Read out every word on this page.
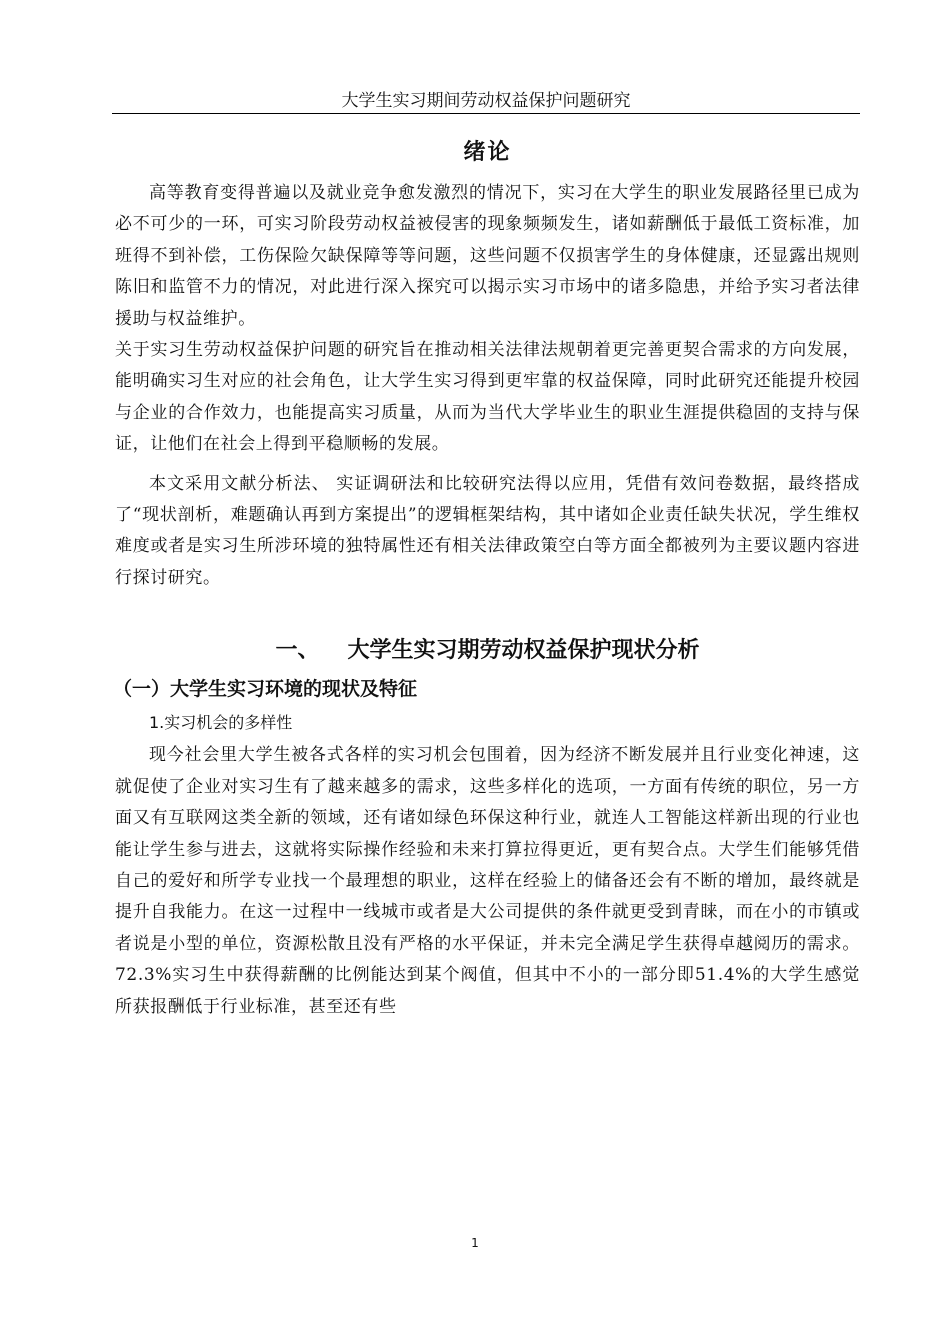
大学生实习期间劳动权益保护问题研究
绪论

高等教育变得普遍以及就业竞争愈发激烈的情况下，实习在大学生的职业发展路径里已成为必不可少的一环，可实习阶段劳动权益被侵害的现象频频发生，诸如薪酬低于最低工资标准，加班得不到补偿，工伤保险欠缺保障等等问题，这些问题不仅损害学生的身体健康，还显露出规则陈旧和监管不力的情况，对此进行深入探究可以揭示实习市场中的诸多隐患，并给予实习者法律援助与权益维护。

关于实习生劳动权益保护问题的研究旨在推动相关法律法规朝着更完善更契合需求的方向发展，能明确实习生对应的社会角色，让大学生实习得到更牢靠的权益保障，同时此研究还能提升校园与企业的合作效力，也能提高实习质量，从而为当代大学毕业生的职业生涯提供稳固的支持与保证，让他们在社会上得到平稳顺畅的发展。

本文采用文献分析法、 实证调研法和比较研究法得以应用，凭借有效问卷数据，最终搭成了“现状剖析，难题确认再到方案提出”的逻辑框架结构，其中诸如企业责任缺失状况，学生维权难度或者是实习生所涉环境的独特属性还有相关法律政策空白等方面全都被列为主要议题内容进行探讨研究。

一、 大学生实习期劳动权益保护现状分析
（一）大学生实习环境的现状及特征
1.实习机会的多样性

现今社会里大学生被各式各样的实习机会包围着，因为经济不断发展并且行业变化神速，这就促使了企业对实习生有了越来越多的需求，这些多样化的选项，一方面有传统的职位，另一方面又有互联网这类全新的领域，还有诸如绿色环保这种行业，就连人工智能这样新出现的行业也能让学生参与进去，这就将实际操作经验和未来打算拉得更近，更有契合点。大学生们能够凭借自己的爱好和所学专业找一个最理想的职业，这样在经验上的储备还会有不断的增加，最终就是提升自我能力。在这一过程中一线城市或者是大公司提供的条件就更受到青睐，而在小的市镇或者说是小型的单位，资源松散且没有严格的水平保证，并未完全满足学生获得卓越阅历的需求。72.3%实习生中获得薪酬的比例能达到某个阀值，但其中不小的一部分即51.4%的大学生感觉所获报酬低于行业标准，甚至还有些

1
